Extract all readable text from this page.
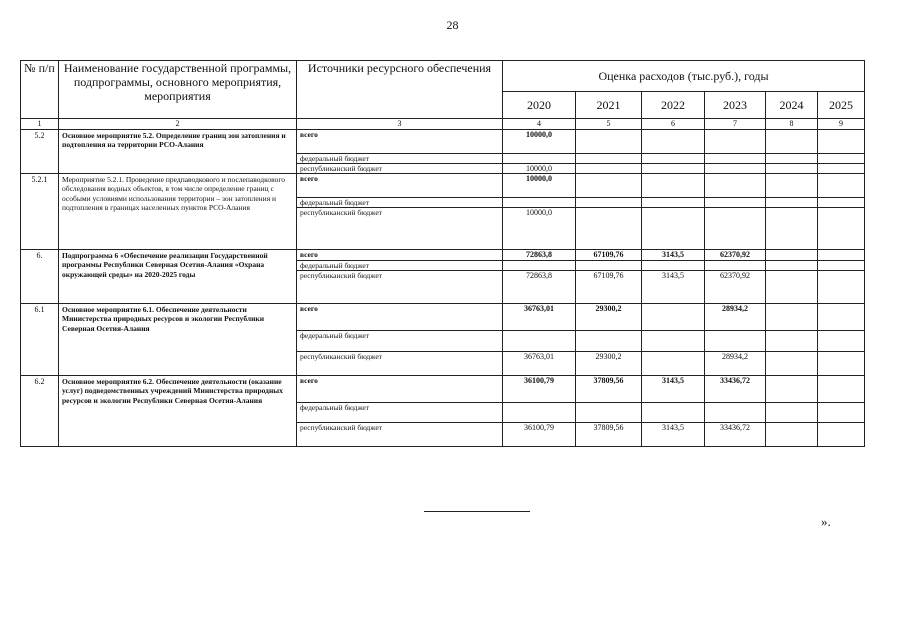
28
№ п/п	Наименование государственной программы, подпрограммы, основного мероприятия, мероприятия	Источники ресурсного обеспечения	Оценка расходов (тыс.руб.), годы					
			2020	2021	2022	2023	2024	2025
1	2	3	4	5	6	7	8	9
5.2	Основное мероприятие 5.2. Определение границ зон затопления и подтопления на территории РСО-Алания	всего	10000,0					
		федеральный бюджет						
		республиканский бюджет	10000,0					
5.2.1	Мероприятие 5.2.1. Проведение предпаводкового и послепаводкового обследования водных объектов, в том числе определение границ с особыми условиями использования территории – зон затопления и подтопления в границах населенных пунктов РСО-Алания	всего	10000,0					
		федеральный бюджет						
		республиканский бюджет	10000,0					
6.	Подпрограмма 6 «Обеспечение реализации Государственной программы Республики Северная Осетия-Алания «Охрана окружающей среды» на 2020-2025 годы	всего	72863,8	67109,76	3143,5	62370,92		
		федеральный бюджет						
		республиканский бюджет	72863,8	67109,76	3143,5	62370,92		
6.1	Основное мероприятие 6.1. Обеспечение деятельности Министерства природных ресурсов и экологии Республики Северная Осетия-Алания	всего	36763,01	29300,2		28934,2		
		федеральный бюджет						
		республиканский бюджет	36763,01	29300,2		28934,2		
6.2	Основное мероприятие 6.2. Обеспечение деятельности (оказание услуг) подведомственных учреждений Министерства природных ресурсов и экологии Республики Северная Осетия-Алания	всего	36100,79	37809,56	3143,5	33436,72		
		федеральный бюджет						
		республиканский бюджет	36100,79	37809,56	3143,5	33436,72		
».
